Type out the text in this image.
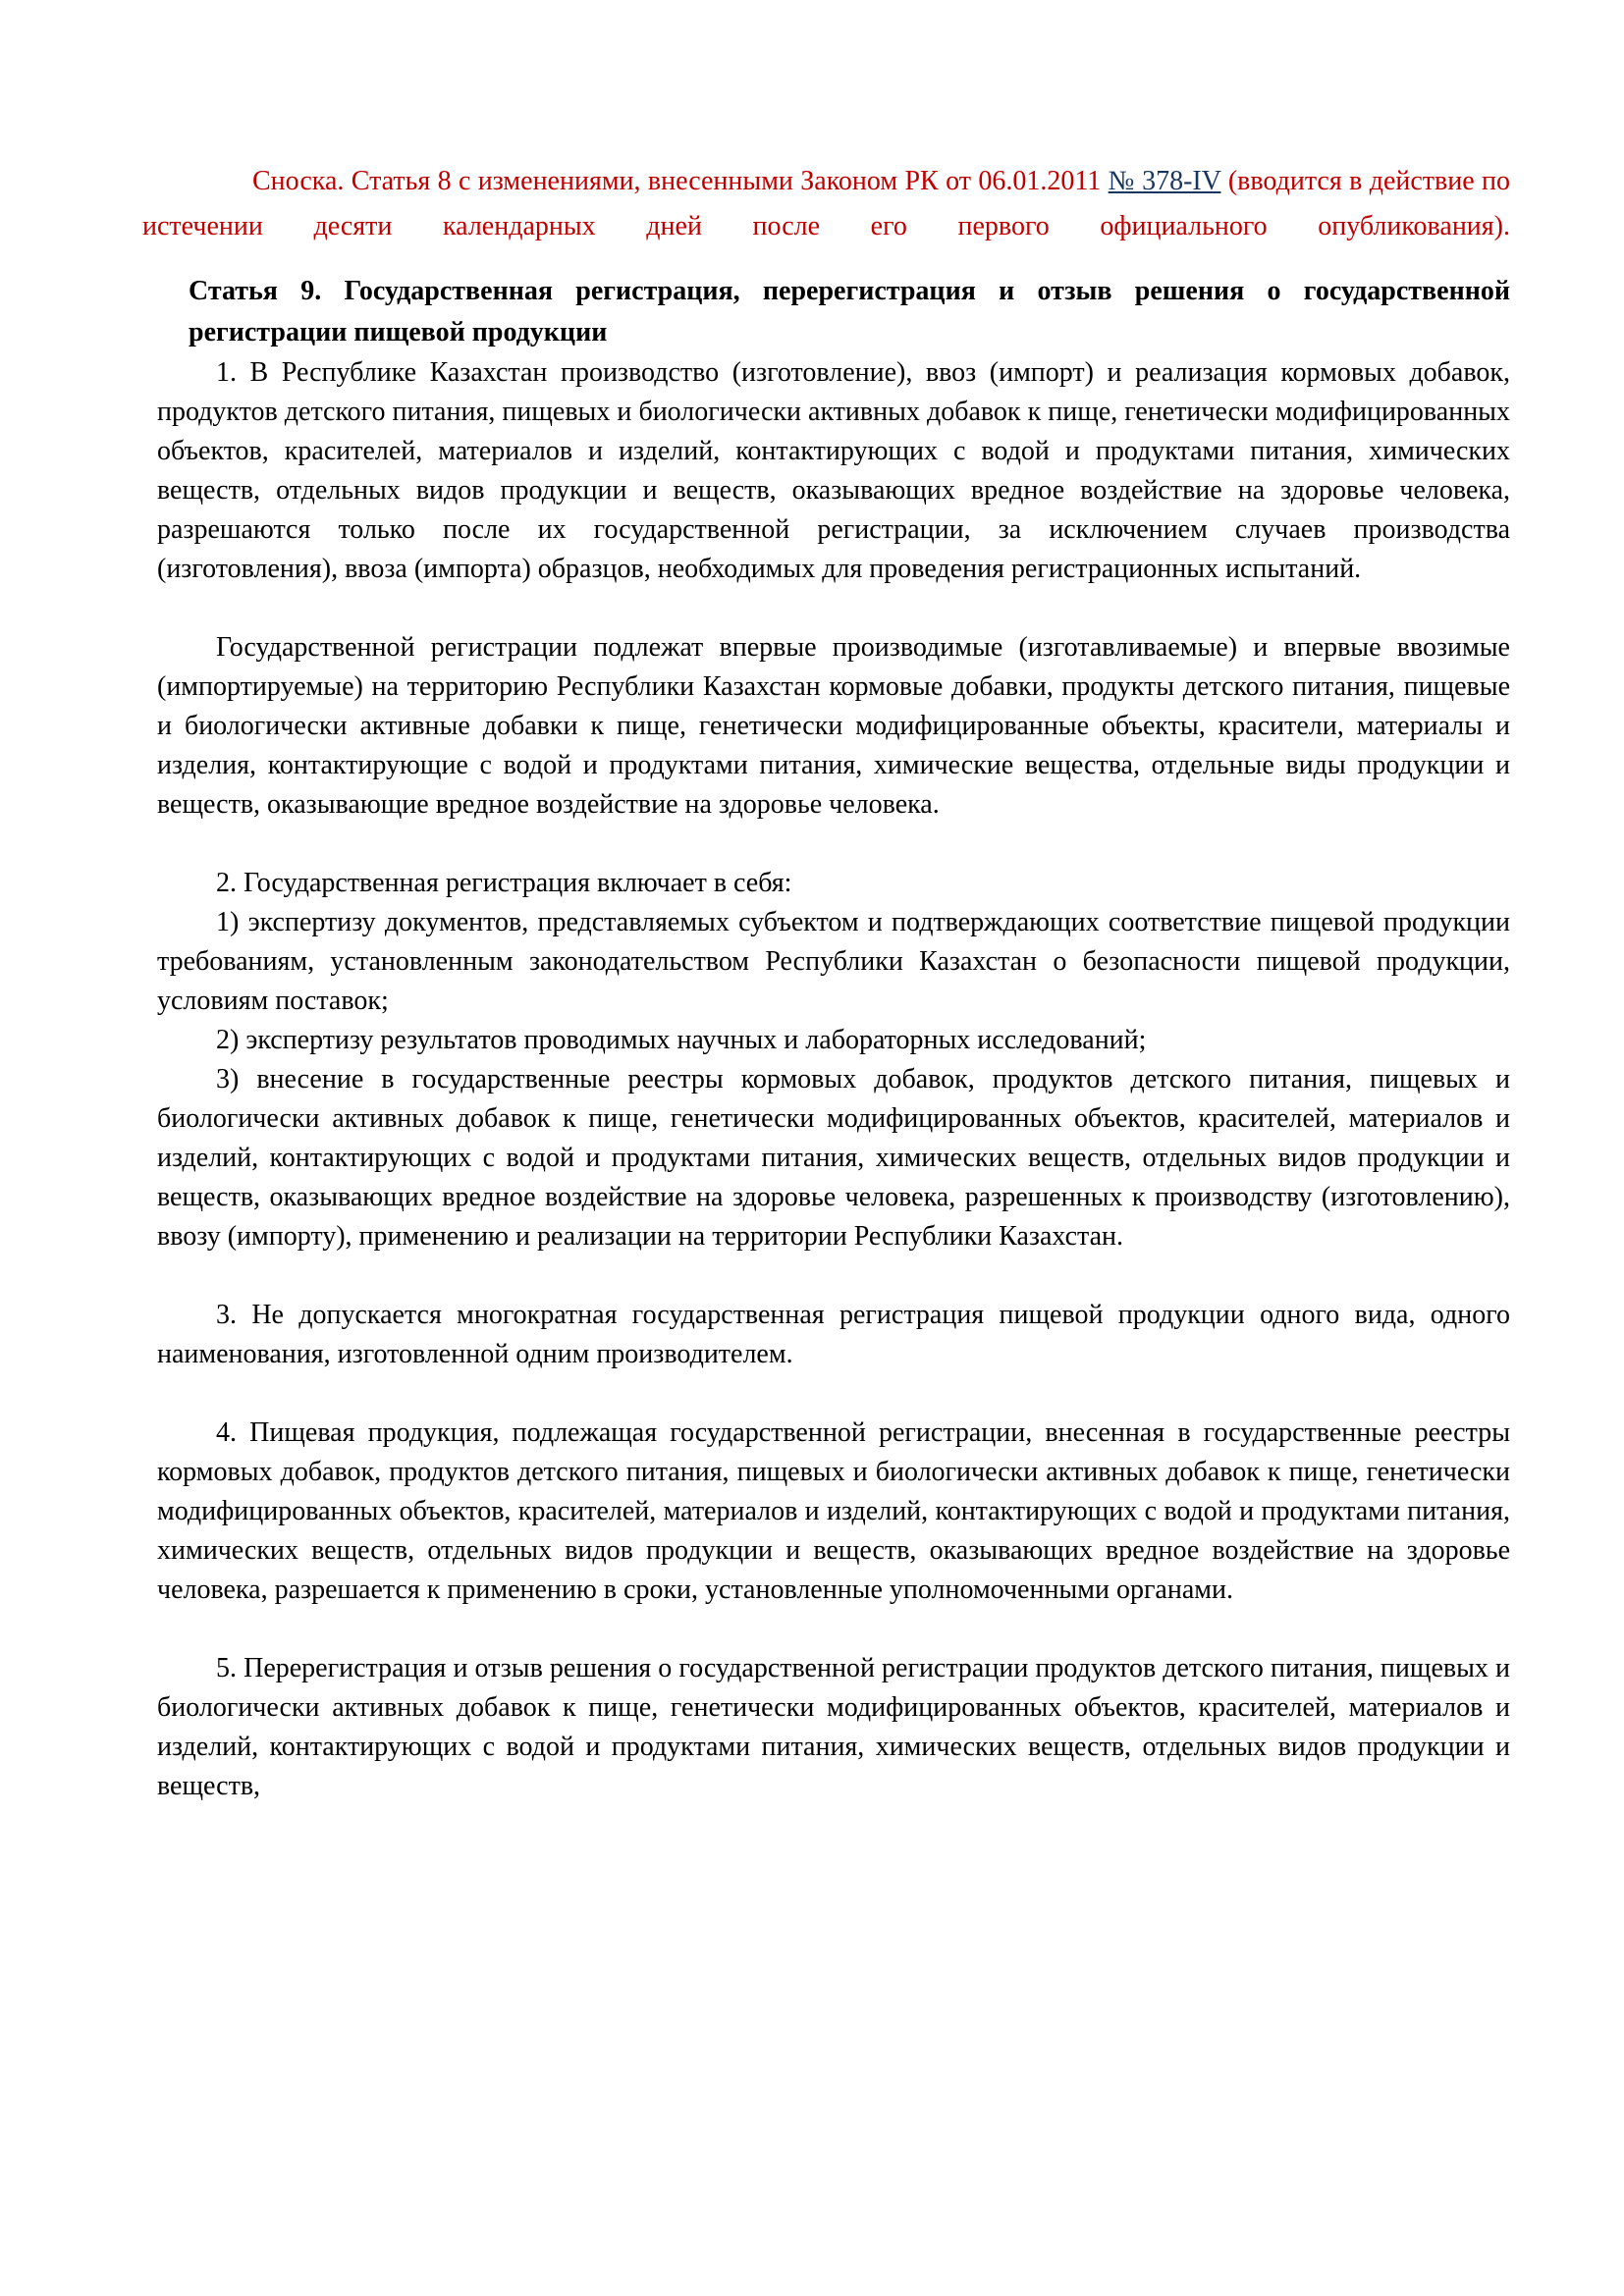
Сноска. Статья 8 с изменениями, внесенными Законом РК от 06.01.2011 № 378-IV (вводится в действие по истечении десяти календарных дней после его первого официального опубликования).

Статья 9. Государственная регистрация, перерегистрация и отзыв решения о государственной регистрации пищевой продукции

1. В Республике Казахстан производство (изготовление), ввоз (импорт) и реализация кормовых добавок, продуктов детского питания, пищевых и биологически активных добавок к пище, генетически модифицированных объектов, красителей, материалов и изделий, контактирующих с водой и продуктами питания, химических веществ, отдельных видов продукции и веществ, оказывающих вредное воздействие на здоровье человека, разрешаются только после их государственной регистрации, за исключением случаев производства (изготовления), ввоза (импорта) образцов, необходимых для проведения регистрационных испытаний.

Государственной регистрации подлежат впервые производимые (изготавливаемые) и впервые ввозимые (импортируемые) на территорию Республики Казахстан кормовые добавки, продукты детского питания, пищевые и биологически активные добавки к пище, генетически модифицированные объекты, красители, материалы и изделия, контактирующие с водой и продуктами питания, химические вещества, отдельные виды продукции и веществ, оказывающие вредное воздействие на здоровье человека.

2. Государственная регистрация включает в себя:

1) экспертизу документов, представляемых субъектом и подтверждающих соответствие пищевой продукции требованиям, установленным законодательством Республики Казахстан о безопасности пищевой продукции, условиям поставок;

2) экспертизу результатов проводимых научных и лабораторных исследований;

3) внесение в государственные реестры кормовых добавок, продуктов детского питания, пищевых и биологически активных добавок к пище, генетически модифицированных объектов, красителей, материалов и изделий, контактирующих с водой и продуктами питания, химических веществ, отдельных видов продукции и веществ, оказывающих вредное воздействие на здоровье человека, разрешенных к производству (изготовлению), ввозу (импорту), применению и реализации на территории Республики Казахстан.

3. Не допускается многократная государственная регистрация пищевой продукции одного вида, одного наименования, изготовленной одним производителем.

4. Пищевая продукция, подлежащая государственной регистрации, внесенная в государственные реестры кормовых добавок, продуктов детского питания, пищевых и биологически активных добавок к пище, генетически модифицированных объектов, красителей, материалов и изделий, контактирующих с водой и продуктами питания, химических веществ, отдельных видов продукции и веществ, оказывающих вредное воздействие на здоровье человека, разрешается к применению в сроки, установленные уполномоченными органами.

5. Перерегистрация и отзыв решения о государственной регистрации продуктов детского питания, пищевых и биологически активных добавок к пище, генетически модифицированных объектов, красителей, материалов и изделий, контактирующих с водой и продуктами питания, химических веществ, отдельных видов продукции и веществ,
